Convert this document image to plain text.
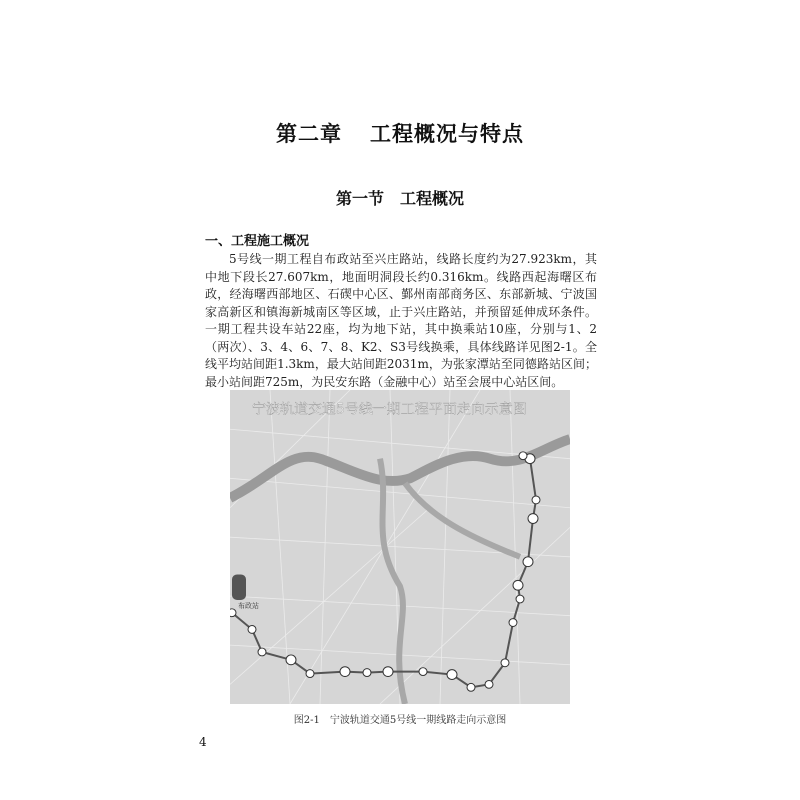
第二章 工程概况与特点
第一节 工程概况
一、工程施工概况
5号线一期工程自布政站至兴庄路站，线路长度约为27.923km，其中地下段长27.607km，地面明洞段长约0.316km。线路西起海曙区布政，经海曙西部地区、石碶中心区、鄞州南部商务区、东部新城、宁波国家高新区和镇海新城南区等区域，止于兴庄路站，并预留延伸成环条件。一期工程共设车站22座，均为地下站，其中换乘站10座，分别与1、2（两次）、3、4、6、7、8、K2、S3号线换乘，具体线路详见图2-1。全线平均站间距1.3km，最大站间距2031m，为张家潭站至同德路站区间；最小站间距725m，为民安东路（金融中心）站至会展中心站区间。
宁波轨道交通5号线一期工程平面走向示意图
布政站
图2-1　宁波轨道交通5号线一期线路走向示意图
4
